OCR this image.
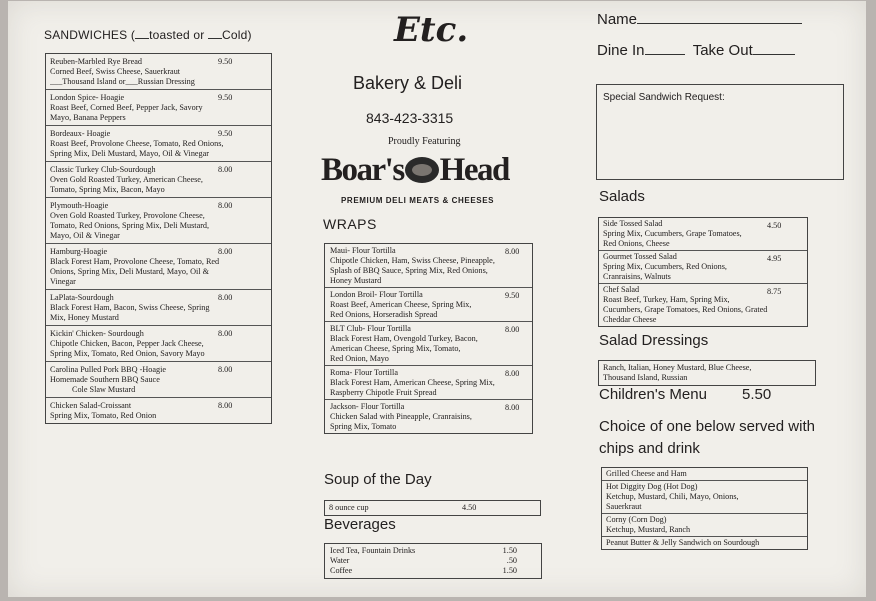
SANDWICHES ( toasted or Cold)
Reuben-Marbled Rye Bread
Corned Beef, Swiss Cheese, Sauerkraut
___Thousand Island or___Russian Dressing
9.50
London Spice- Hoagie
Roast Beef, Corned Beef, Pepper Jack, Savory
Mayo, Banana Peppers
9.50
Bordeaux- Hoagie
Roast Beef, Provolone Cheese, Tomato, Red Onions,
Spring Mix, Deli Mustard, Mayo, Oil & Vinegar
9.50
Classic Turkey Club-Sourdough
Oven Gold Roasted Turkey, American Cheese,
Tomato, Spring Mix, Bacon, Mayo
8.00
Plymouth-Hoagie
Oven Gold Roasted Turkey, Provolone Cheese,
Tomato, Red Onions, Spring Mix, Deli Mustard,
Mayo, Oil & Vinegar
8.00
Hamburg-Hoagie
Black Forest Ham, Provolone Cheese, Tomato, Red
Onions, Spring Mix, Deli Mustard, Mayo, Oil &
Vinegar
8.00
LaPlata-Sourdough
Black Forest Ham, Bacon, Swiss Cheese, Spring
Mix, Honey Mustard
8.00
Kickin' Chicken- Sourdough
Chipotle Chicken, Bacon, Pepper Jack Cheese,
Spring Mix, Tomato, Red Onion, Savory Mayo
8.00
Carolina Pulled Pork BBQ -Hoagie
Homemade Southern BBQ Sauce
Cole Slaw Mustard
8.00
Chicken Salad-Croissant
Spring Mix, Tomato, Red Onion
8.00
Etc.
Bakery & Deli
843-423-3315
Proudly Featuring
Boar's Head
PREMIUM DELI MEATS & CHEESES
WRAPS
Maui- Flour Tortilla
Chipotle Chicken, Ham, Swiss Cheese, Pineapple,
Splash of BBQ Sauce, Spring Mix, Red Onions,
Honey Mustard
8.00
London Broil- Flour Tortilla
Roast Beef, American Cheese, Spring Mix,
Red Onions, Horseradish Spread
9.50
BLT Club- Flour Tortilla
Black Forest Ham, Ovengold Turkey, Bacon,
American Cheese, Spring Mix, Tomato,
Red Onion, Mayo
8.00
Roma- Flour Tortilla
Black Forest Ham, American Cheese, Spring Mix,
Raspberry Chipotle Fruit Spread
8.00
Jackson- Flour Tortilla
Chicken Salad with Pineapple, Cranraisins,
Spring Mix, Tomato
8.00
Soup of the Day
8 ounce cup	4.50
Beverages
Iced Tea, Fountain Drinks	1.50
Water	.50
Coffee	1.50
Name
Dine In	Take Out
Special Sandwich Request:
Salads
Side Tossed Salad
Spring Mix, Cucumbers, Grape Tomatoes,
Red Onions, Cheese
4.50
Gourmet Tossed Salad
Spring Mix, Cucumbers, Red Onions,
Cranraisins, Walnuts
4.95
Chef Salad
Roast Beef, Turkey, Ham, Spring Mix,
Cucumbers, Grape Tomatoes, Red Onions, Grated
Cheddar Cheese
8.75
Salad Dressings
Ranch, Italian, Honey Mustard, Blue Cheese,
Thousand Island, Russian
Children's Menu 5.50
Choice of one below served with chips and drink
Grilled Cheese and Ham
Hot Diggity Dog (Hot Dog)
Ketchup, Mustard, Chili, Mayo, Onions,
Sauerkraut
Corny (Corn Dog)
Ketchup, Mustard, Ranch
Peanut Butter & Jelly Sandwich on Sourdough
